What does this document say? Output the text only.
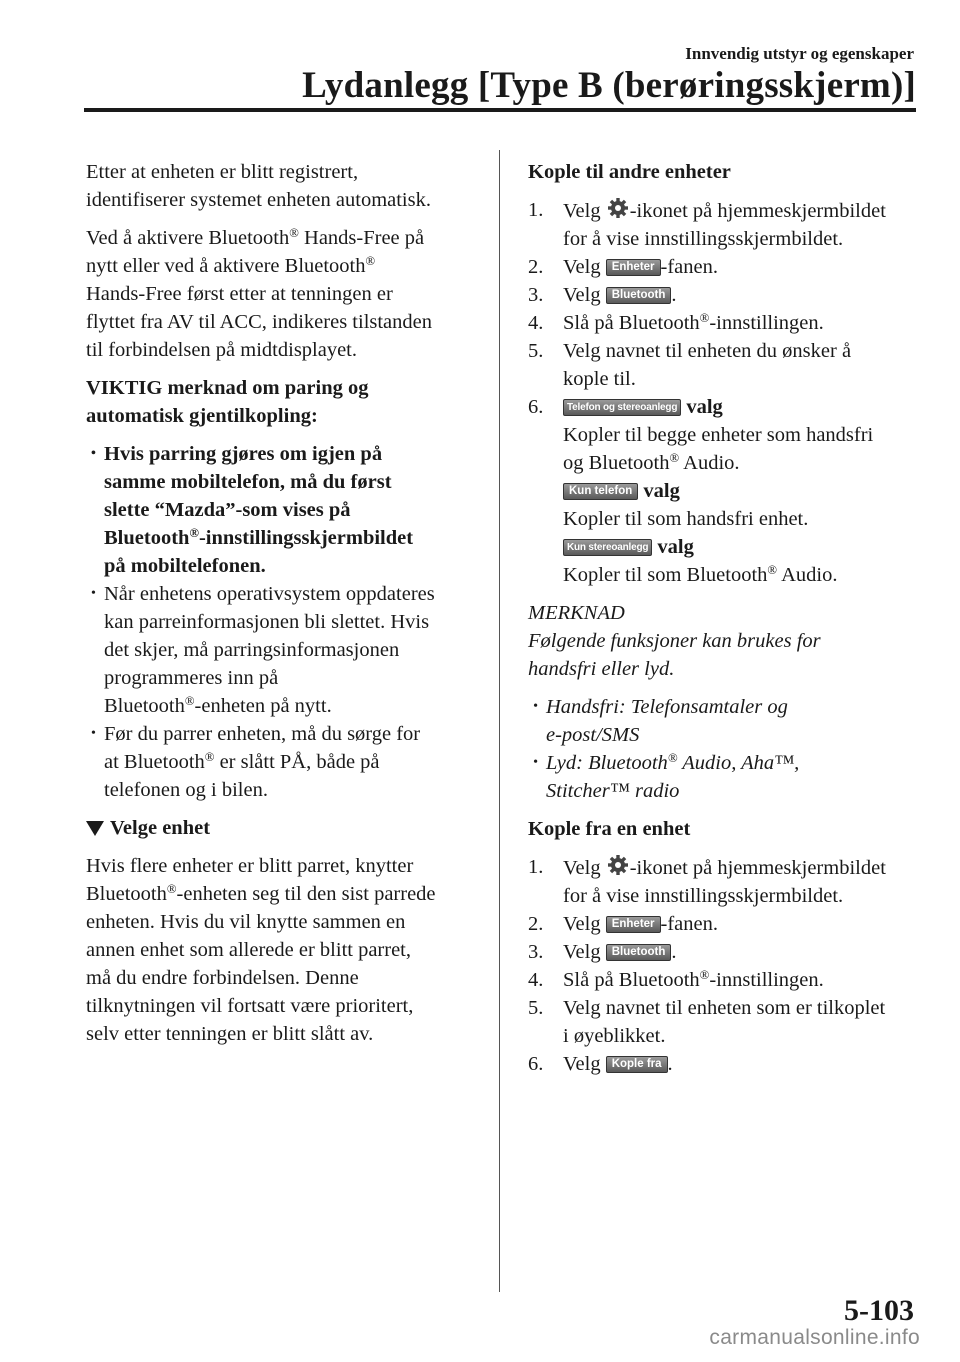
Innvendig utstyr og egenskaper
Lydanlegg [Type B (berøringsskjerm)]

Etter at enheten er blitt registrert,

identifiserer systemet enheten automatisk.

Ved å aktivere Bluetooth® Hands-Free på

nytt eller ved å aktivere Bluetooth®

Hands-Free først etter at tenningen er

flyttet fra AV til ACC, indikeres tilstanden

til forbindelsen på midtdisplayet.

VIKTIG merknad om paring og

automatisk gjentilkopling:

• Hvis parring gjøres om igjen på

samme mobiltelefon, må du først

slette “Mazda”-som vises på

Bluetooth®-innstillingsskjermbildet

på mobiltelefonen.

• Når enhetens operativsystem oppdateres

kan parreinformasjonen bli slettet. Hvis

det skjer, må parringsinformasjonen

programmeres inn på

Bluetooth®-enheten på nytt.

• Før du parrer enheten, må du sørge for

at Bluetooth® er slått PÅ, både på

telefonen og i bilen.

Velge enhet

Hvis flere enheter er blitt parret, knytter

Bluetooth®-enheten seg til den sist parrede

enheten. Hvis du vil knytte sammen en

annen enhet som allerede er blitt parret,

må du endre forbindelsen. Denne

tilknytningen vil fortsatt være prioritert,

selv etter tenningen er blitt slått av.

Kople til andre enheter

1. Velg -ikonet på hjemmeskjermbildet

for å vise innstillingsskjermbildet.

2. Velg Enheter -fanen.

3. Velg Bluetooth .

4. Slå på Bluetooth®-innstillingen.

5. Velg navnet til enheten du ønsker å

kople til.

6.	Telefon og stereoanlegg valg

Kopler til begge enheter som handsfri

og Bluetooth® Audio.

Kun telefon valg

Kopler til som handsfri enhet.

Kun stereoanlegg valg

Kopler til som Bluetooth® Audio.

MERKNAD

Følgende funksjoner kan brukes for

handsfri eller lyd.

• Handsfri: Telefonsamtaler og

e-post/SMS

• Lyd: Bluetooth® Audio, Aha™,

Stitcher™ radio

Kople fra en enhet

1. Velg -ikonet på hjemmeskjermbildet

for å vise innstillingsskjermbildet.

2. Velg Enheter -fanen.

3. Velg Bluetooth .

4. Slå på Bluetooth®-innstillingen.

5. Velg navnet til enheten som er tilkoplet

i øyeblikket.

6. Velg Kople fra .

5-103
carmanualsonline.info
